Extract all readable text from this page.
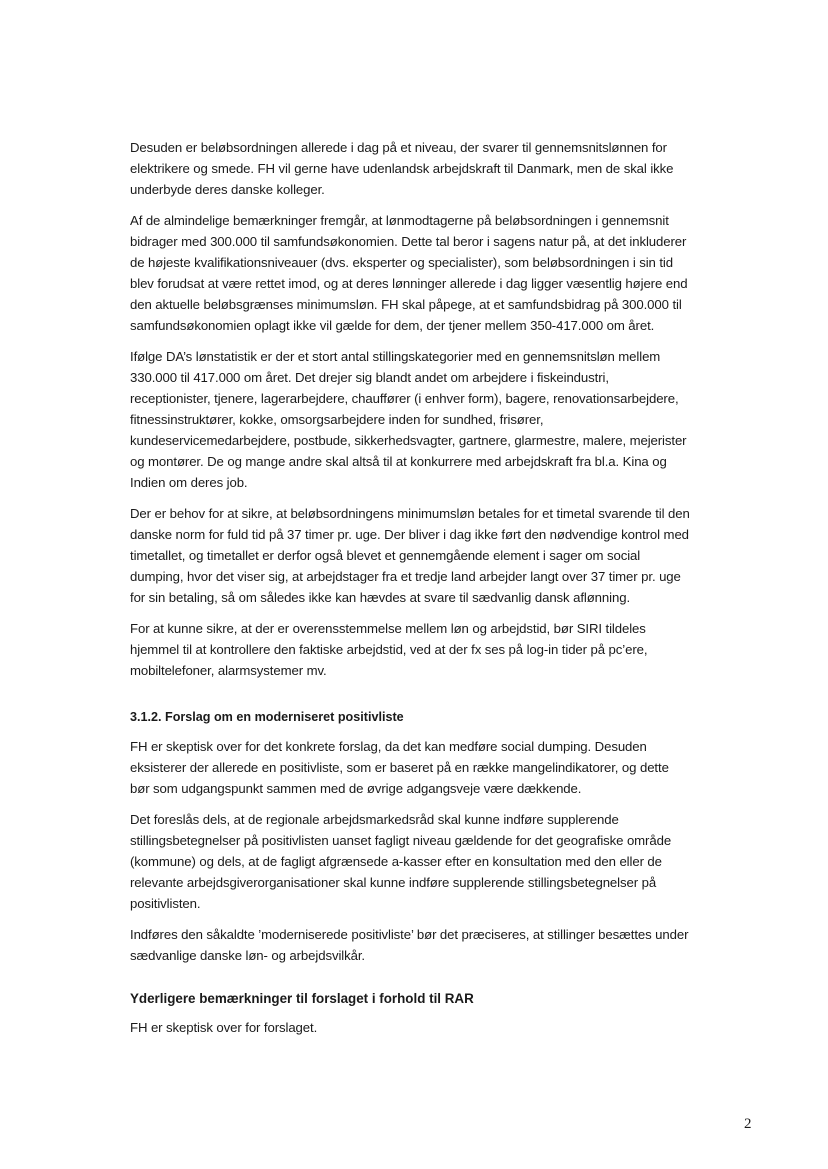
Desuden er beløbsordningen allerede i dag på et niveau, der svarer til gennemsnitslønnen for elektrikere og smede. FH vil gerne have udenlandsk arbejdskraft til Danmark, men de skal ikke underbyde deres danske kolleger.

Af de almindelige bemærkninger fremgår, at lønmodtagerne på beløbsordningen i gennemsnit bidrager med 300.000 til samfundsøkonomien. Dette tal beror i sagens natur på, at det inkluderer de højeste kvalifikationsniveauer (dvs. eksperter og specialister), som beløbsordningen i sin tid blev forudsat at være rettet imod, og at deres lønninger allerede i dag ligger væsentlig højere end den aktuelle beløbsgrænses minimumsløn. FH skal påpege, at et samfundsbidrag på 300.000 til samfundsøkonomien oplagt ikke vil gælde for dem, der tjener mellem 350-417.000 om året.

Ifølge DA’s lønstatistik er der et stort antal stillingskategorier med en gennemsnitsløn mellem 330.000 til 417.000 om året. Det drejer sig blandt andet om arbejdere i fiskeindustri, receptionister, tjenere, lagerarbejdere, chauffører (i enhver form), bagere, renovationsarbejdere, fitnessinstruktører, kokke, omsorgsarbejdere inden for sundhed, frisører, kundeservicemedarbejdere, postbude, sikkerhedsvagter, gartnere, glarmestre, malere, mejerister og montører. De og mange andre skal altså til at konkurrere med arbejdskraft fra bl.a. Kina og Indien om deres job.

Der er behov for at sikre, at beløbsordningens minimumsløn betales for et timetal svarende til den danske norm for fuld tid på 37 timer pr. uge. Der bliver i dag ikke ført den nødvendige kontrol med timetallet, og timetallet er derfor også blevet et gennemgående element i sager om social dumping, hvor det viser sig, at arbejdstager fra et tredje land arbejder langt over 37 timer pr. uge for sin betaling, så om således ikke kan hævdes at svare til sædvanlig dansk aflønning.

For at kunne sikre, at der er overensstemmelse mellem løn og arbejdstid, bør SIRI tildeles hjemmel til at kontrollere den faktiske arbejdstid, ved at der fx ses på log-in tider på pc’ere, mobiltelefoner, alarmsystemer mv.

3.1.2. Forslag om en moderniseret positivliste

FH er skeptisk over for det konkrete forslag, da det kan medføre social dumping. Desuden eksisterer der allerede en positivliste, som er baseret på en række mangelindikatorer, og dette bør som udgangspunkt sammen med de øvrige adgangsveje være dækkende.

Det foreslås dels, at de regionale arbejdsmarkedsråd skal kunne indføre supplerende stillingsbetegnelser på positivlisten uanset fagligt niveau gældende for det geografiske område (kommune) og dels, at de fagligt afgrænsede a-kasser efter en konsultation med den eller de relevante arbejdsgiverorganisationer skal kunne indføre supplerende stillingsbetegnelser på positivlisten.

Indføres den såkaldte ’moderniserede positivliste’ bør det præciseres, at stillinger besættes under sædvanlige danske løn- og arbejdsvilkår.

Yderligere bemærkninger til forslaget i forhold til RAR

FH er skeptisk over for forslaget.

2
